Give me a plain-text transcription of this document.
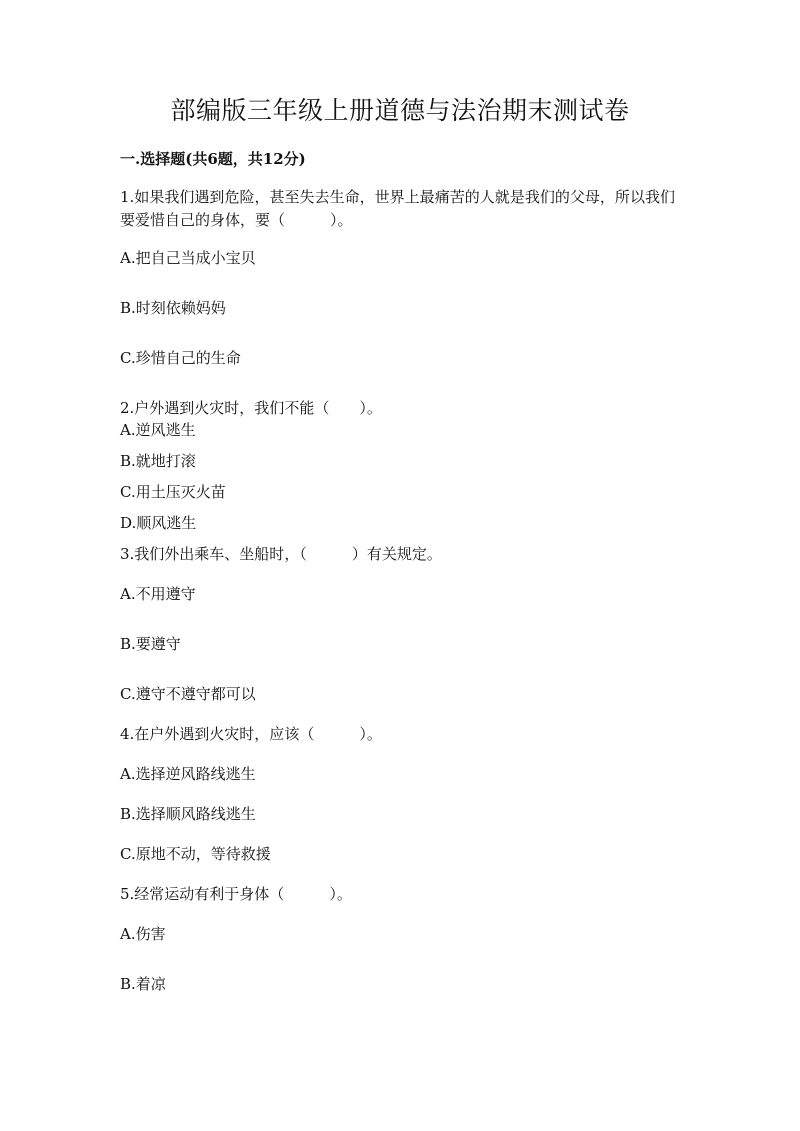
部编版三年级上册道德与法治期末测试卷
一.选择题(共6题，共12分)
1.如果我们遇到危险，甚至失去生命，世界上最痛苦的人就是我们的父母，所以我们要爱惜自己的身体，要（　　　）。
A.把自己当成小宝贝
B.时刻依赖妈妈
C.珍惜自己的生命
2.户外遇到火灾时，我们不能（　　）。
A.逆风逃生
B.就地打滚
C.用土压灭火苗
D.顺风逃生
3.我们外出乘车、坐船时，（　　　）有关规定。
A.不用遵守
B.要遵守
C.遵守不遵守都可以
4.在户外遇到火灾时，应该（　　　）。
A.选择逆风路线逃生
B.选择顺风路线逃生
C.原地不动，等待救援
5.经常运动有利于身体（　　　）。
A.伤害
B.着凉
